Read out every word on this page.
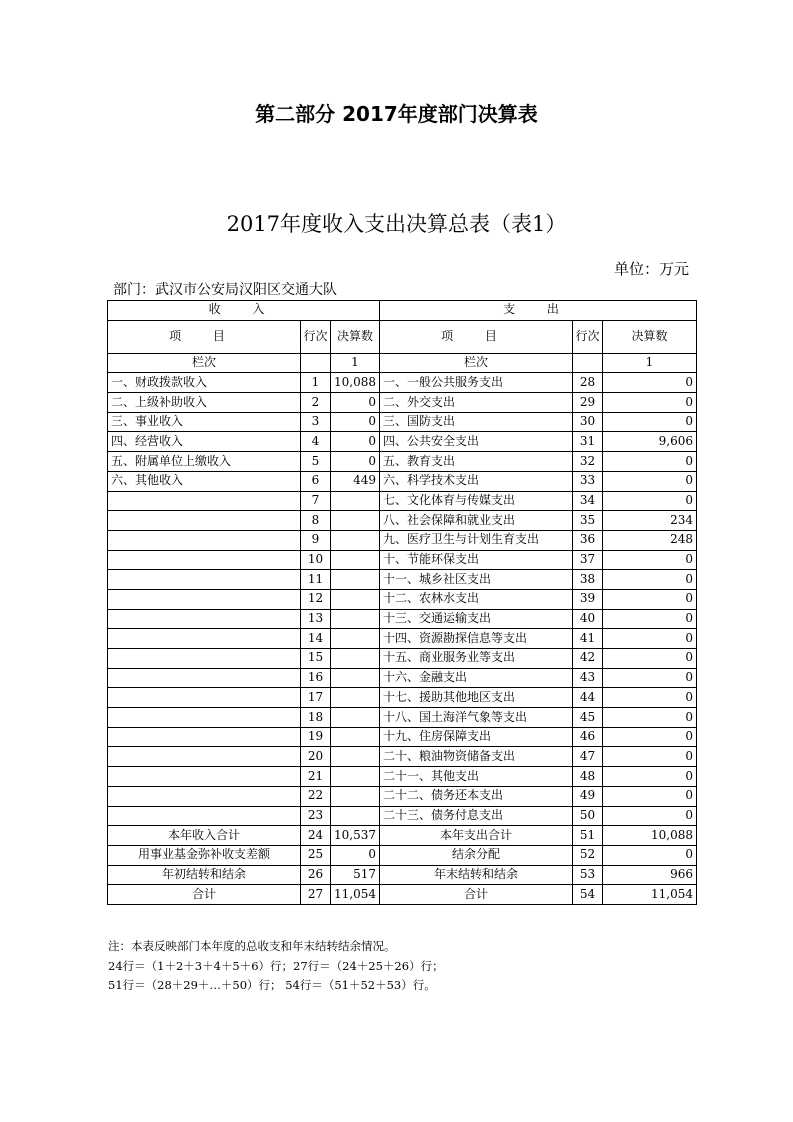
第二部分 2017年度部门决算表
2017年度收入支出决算总表（表1）
单位：万元
部门：武汉市公安局汉阳区交通大队
收 入			支 出		
项 目	行次	决算数	项 目	行次	决算数
栏次		1	栏次		1
一、财政拨款收入	1	10,088	一、一般公共服务支出	28	0
二、上级补助收入	2	0	二、外交支出	29	0
三、事业收入	3	0	三、国防支出	30	0
四、经营收入	4	0	四、公共安全支出	31	9,606
五、附属单位上缴收入	5	0	五、教育支出	32	0
六、其他收入	6	449	六、科学技术支出	33	0
	7		七、文化体育与传媒支出	34	0
	8		八、社会保障和就业支出	35	234
	9		九、医疗卫生与计划生育支出	36	248
	10		十、节能环保支出	37	0
	11		十一、城乡社区支出	38	0
	12		十二、农林水支出	39	0
	13		十三、交通运输支出	40	0
	14		十四、资源勘探信息等支出	41	0
	15		十五、商业服务业等支出	42	0
	16		十六、金融支出	43	0
	17		十七、援助其他地区支出	44	0
	18		十八、国土海洋气象等支出	45	0
	19		十九、住房保障支出	46	0
	20		二十、粮油物资储备支出	47	0
	21		二十一、其他支出	48	0
	22		二十二、债务还本支出	49	0
	23		二十三、债务付息支出	50	0
本年收入合计	24	10,537	本年支出合计	51	10,088
用事业基金弥补收支差额	25	0	结余分配	52	0
年初结转和结余	26	517	年末结转和结余	53	966
合计	27	11,054	合计	54	11,054
注：本表反映部门本年度的总收支和年末结转结余情况。
24行＝（1＋2＋3＋4＋5＋6）行；27行＝（24＋25＋26）行；
51行＝（28＋29＋…＋50）行； 54行＝（51＋52＋53）行。
